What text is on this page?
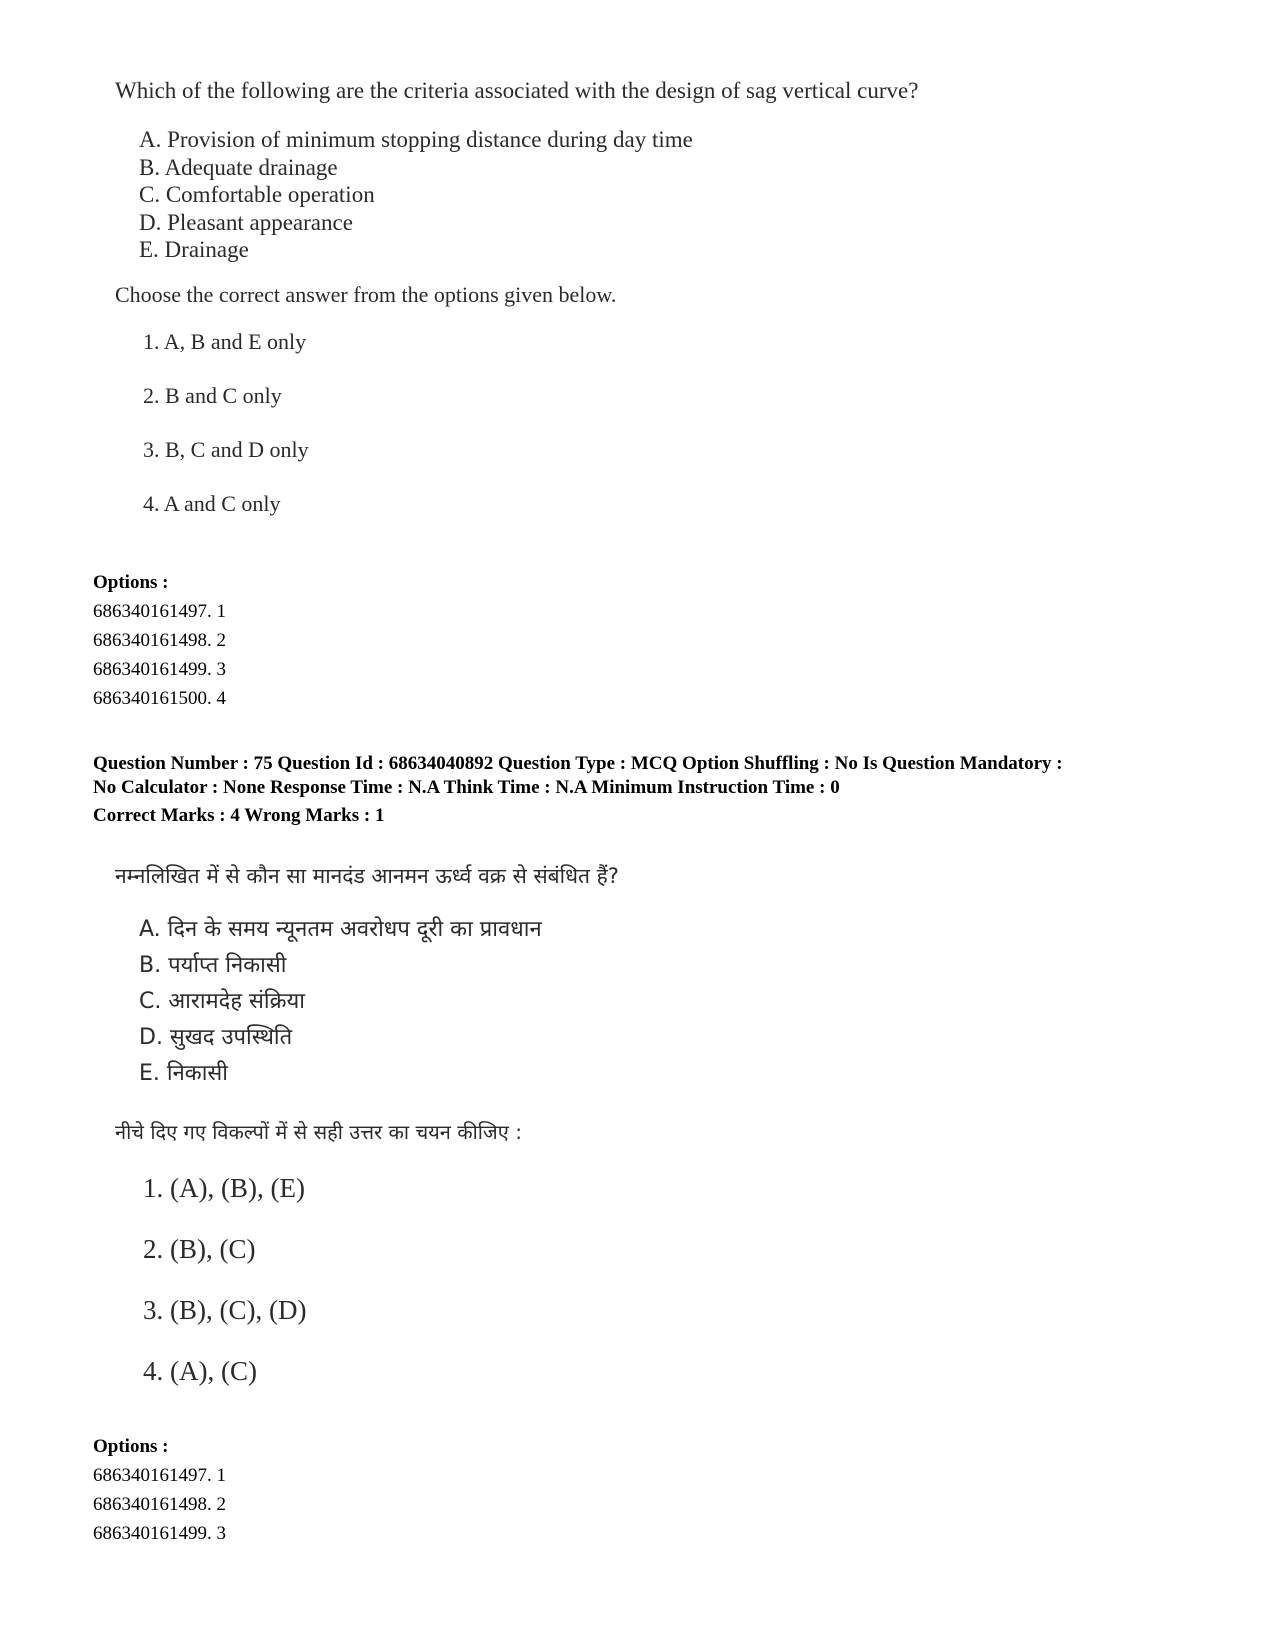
Which of the following are the criteria associated with the design of sag vertical curve?

A. Provision of minimum stopping distance during day time
B. Adequate drainage
C. Comfortable operation
D. Pleasant appearance
E. Drainage

Choose the correct answer from the options given below.

1. A, B and E only
2. B and C only
3. B, C and D only
4. A and C only
Options :
686340161497. 1
686340161498. 2
686340161499. 3
686340161500. 4
Question Number : 75 Question Id : 68634040892 Question Type : MCQ Option Shuffling : No Is Question Mandatory :
No Calculator : None Response Time : N.A Think Time : N.A Minimum Instruction Time : 0
Correct Marks : 4 Wrong Marks : 1

नम्नलिखित में से कौन सा मानदंड आनमन ऊर्ध्व वक्र से संबंधित हैं?

A. दिन के समय न्यूनतम अवरोधप दूरी का प्रावधान
B. पर्याप्त निकासी
C. आरामदेह संक्रिया
D. सुखद उपस्थिति
E. निकासी

नीचे दिए गए विकल्पों में से सही उत्तर का चयन कीजिए :

1. (A), (B), (E)
2. (B), (C)
3. (B), (C), (D)
4. (A), (C)
Options :
686340161497. 1
686340161498. 2
686340161499. 3
